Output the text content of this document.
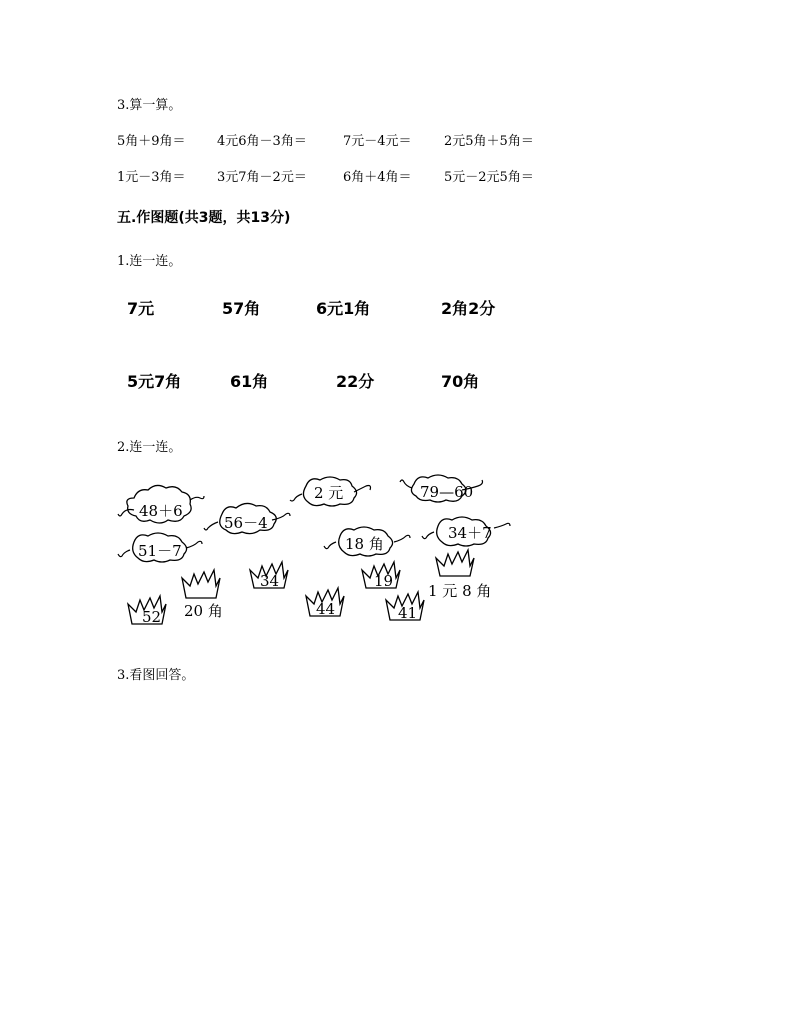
3.算一算。
5角＋9角＝ 4元6角－3角＝	7元－4元＝ 2元5角＋5角＝
1元－3角＝ 3元7角－2元＝	6角＋4角＝ 5元－2元5角＝
五.作图题(共3题，共13分)
1.连一连。
7元	57角	6元1角	2角2分
5元7角	61角	22分	70角
2.连一连。
48＋6
56－4
2 元	79—60
18 角
34＋7
51－7
34	19
52	44	41
20 角
1 元 8 角
3.看图回答。
